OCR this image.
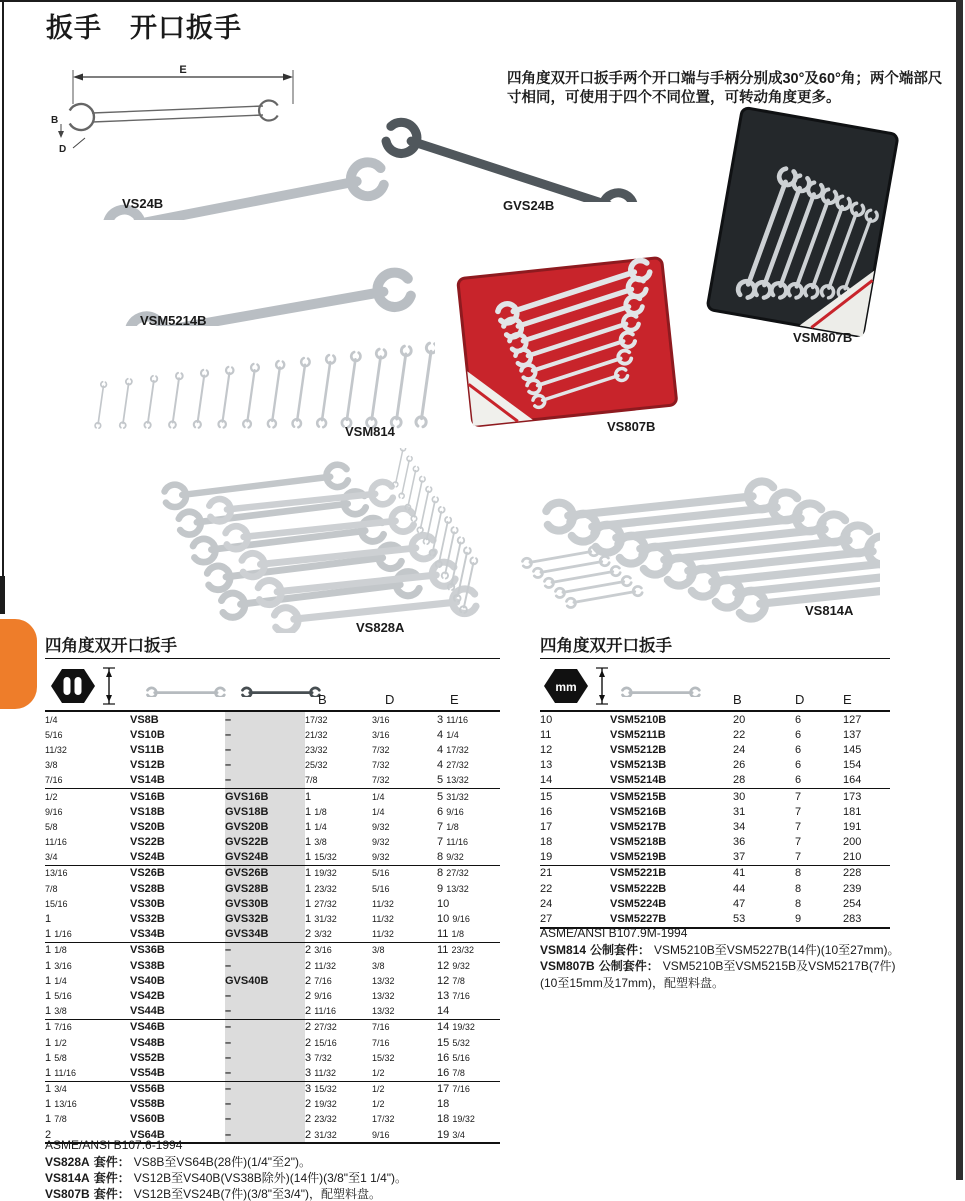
扳手　开口扳手
四角度双开口扳手两个开口端与手柄分别成30°及60°角；两个端部尺寸相同，可使用于四个不同位置，可转动角度更多。
E
B
D
VS24B	GVS24B
VSM5214B
VSM807B
VSM814	VS807B
VS828A
VS814A
四角度双开口扳手
B	D	E
1/4	VS8B	–	17/32	3/16	3 11/16
5/16	VS10B	–	21/32	3/16	4 1/4
11/32	VS11B	–	23/32	7/32	4 17/32
3/8	VS12B	–	25/32	7/32	4 27/32
7/16	VS14B	–	7/8	7/32	5 13/32
1/2	VS16B	GVS16B	1	1/4	5 31/32
9/16	VS18B	GVS18B	1 1/8	1/4	6 9/16
5/8	VS20B	GVS20B	1 1/4	9/32	7 1/8
11/16	VS22B	GVS22B	1 3/8	9/32	7 11/16
3/4	VS24B	GVS24B	1 15/32	9/32	8 9/32
13/16	VS26B	GVS26B	1 19/32	5/16	8 27/32
7/8	VS28B	GVS28B	1 23/32	5/16	9 13/32
15/16	VS30B	GVS30B	1 27/32	11/32	10
1	VS32B	GVS32B	1 31/32	11/32	10 9/16
1 1/16	VS34B	GVS34B	2 3/32	11/32	11 1/8
1 1/8	VS36B	–	2 3/16	3/8	11 23/32
1 3/16	VS38B	–	2 11/32	3/8	12 9/32
1 1/4	VS40B	GVS40B	2 7/16	13/32	12 7/8
1 5/16	VS42B	–	2 9/16	13/32	13 7/16
1 3/8	VS44B	–	2 11/16	13/32	14
1 7/16	VS46B	–	2 27/32	7/16	14 19/32
1 1/2	VS48B	–	2 15/16	7/16	15 5/32
1 5/8	VS52B	–	3 7/32	15/32	16 5/16
1 11/16	VS54B	–	3 11/32	1/2	16 7/8
1 3/4	VS56B	–	3 15/32	1/2	17 7/16
1 13/16	VS58B	–	2 19/32	1/2	18
1 7/8	VS60B	–	2 23/32	17/32	18 19/32
2	VS64B	–	2 31/32	9/16	19 3/4
ASME/ANSI B107.6-1994
VS828A 套件： VS8B至VS64B(28件)(1/4"至2")。
VS814A 套件： VS12B至VS40B(VS38B除外)(14件)(3/8"至1 1/4")。
VS807B 套件： VS12B至VS24B(7件)(3/8"至3/4")，配塑料盘。
四角度双开口扳手
mm
B	D	E
10	VSM5210B	20	6	127
11	VSM5211B	22	6	137
12	VSM5212B	24	6	145
13	VSM5213B	26	6	154
14	VSM5214B	28	6	164
15	VSM5215B	30	7	173
16	VSM5216B	31	7	181
17	VSM5217B	34	7	191
18	VSM5218B	36	7	200
19	VSM5219B	37	7	210
21	VSM5221B	41	8	228
22	VSM5222B	44	8	239
24	VSM5224B	47	8	254
27	VSM5227B	53	9	283
ASME/ANSI B107.9M-1994
VSM814 公制套件： VSM5210B至VSM5227B(14件)(10至27mm)。
VSM807B 公制套件： VSM5210B至VSM5215B及VSM5217B(7件)(10至15mm及17mm)，配塑料盘。
